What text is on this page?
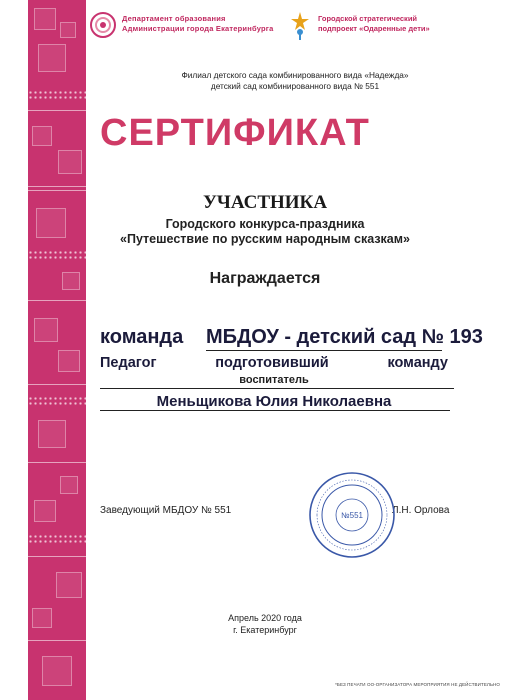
Департамент образования
Администрации города Екатеринбурга
Городской стратегический
подпроект «Одаренные дети»
Филиал детского сада комбинированного вида «Надежда»
детский сад комбинированного вида № 551
СЕРТИФИКАТ
УЧАСТНИКА
Городского конкурса-праздника
«Путешествие по русским народным сказкам»
Награждается
команда МБДОУ - детский сад № 193
Педагог	подготовивший	команду
воспитатель
Меньщикова Юлия Николаевна
Заведующий МБДОУ № 551	Л.Н. Орлова
№551
Апрель 2020 года
г. Екатеринбург
*БЕЗ ПЕЧАТИ ОО-ОРГАНИЗАТОРА МЕРОПРИЯТИЯ НЕ ДЕЙСТВИТЕЛЬНО
